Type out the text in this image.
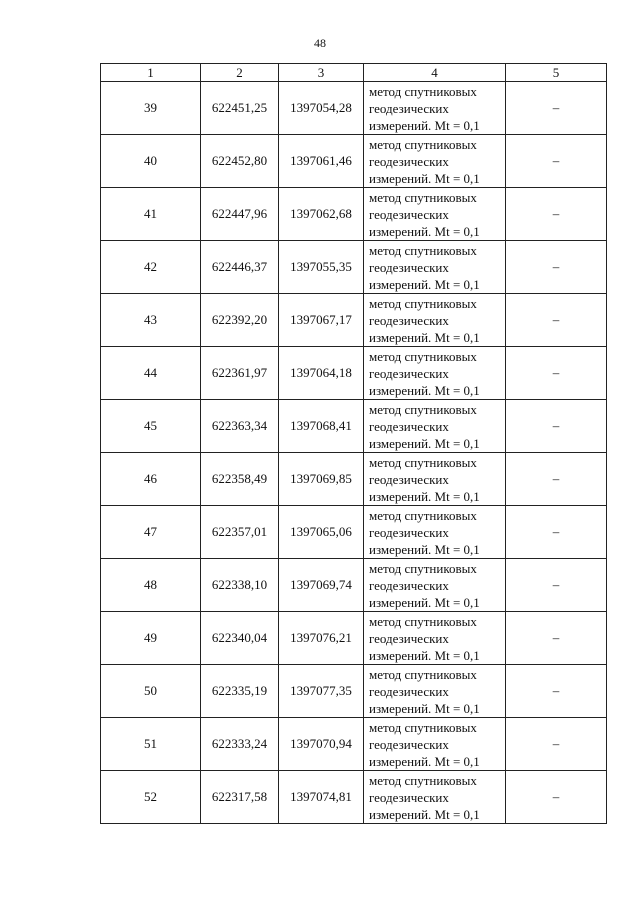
48
1	2	3	4	5
39	622451,25	1397054,28	метод спутниковых
геодезических
измерений. Mt = 0,1	–
40	622452,80	1397061,46	метод спутниковых
геодезических
измерений. Mt = 0,1	–
41	622447,96	1397062,68	метод спутниковых
геодезических
измерений. Mt = 0,1	–
42	622446,37	1397055,35	метод спутниковых
геодезических
измерений. Mt = 0,1	–
43	622392,20	1397067,17	метод спутниковых
геодезических
измерений. Mt = 0,1	–
44	622361,97	1397064,18	метод спутниковых
геодезических
измерений. Mt = 0,1	–
45	622363,34	1397068,41	метод спутниковых
геодезических
измерений. Mt = 0,1	–
46	622358,49	1397069,85	метод спутниковых
геодезических
измерений. Mt = 0,1	–
47	622357,01	1397065,06	метод спутниковых
геодезических
измерений. Mt = 0,1	–
48	622338,10	1397069,74	метод спутниковых
геодезических
измерений. Mt = 0,1	–
49	622340,04	1397076,21	метод спутниковых
геодезических
измерений. Mt = 0,1	–
50	622335,19	1397077,35	метод спутниковых
геодезических
измерений. Mt = 0,1	–
51	622333,24	1397070,94	метод спутниковых
геодезических
измерений. Mt = 0,1	–
52	622317,58	1397074,81	метод спутниковых
геодезических
измерений. Mt = 0,1	–
